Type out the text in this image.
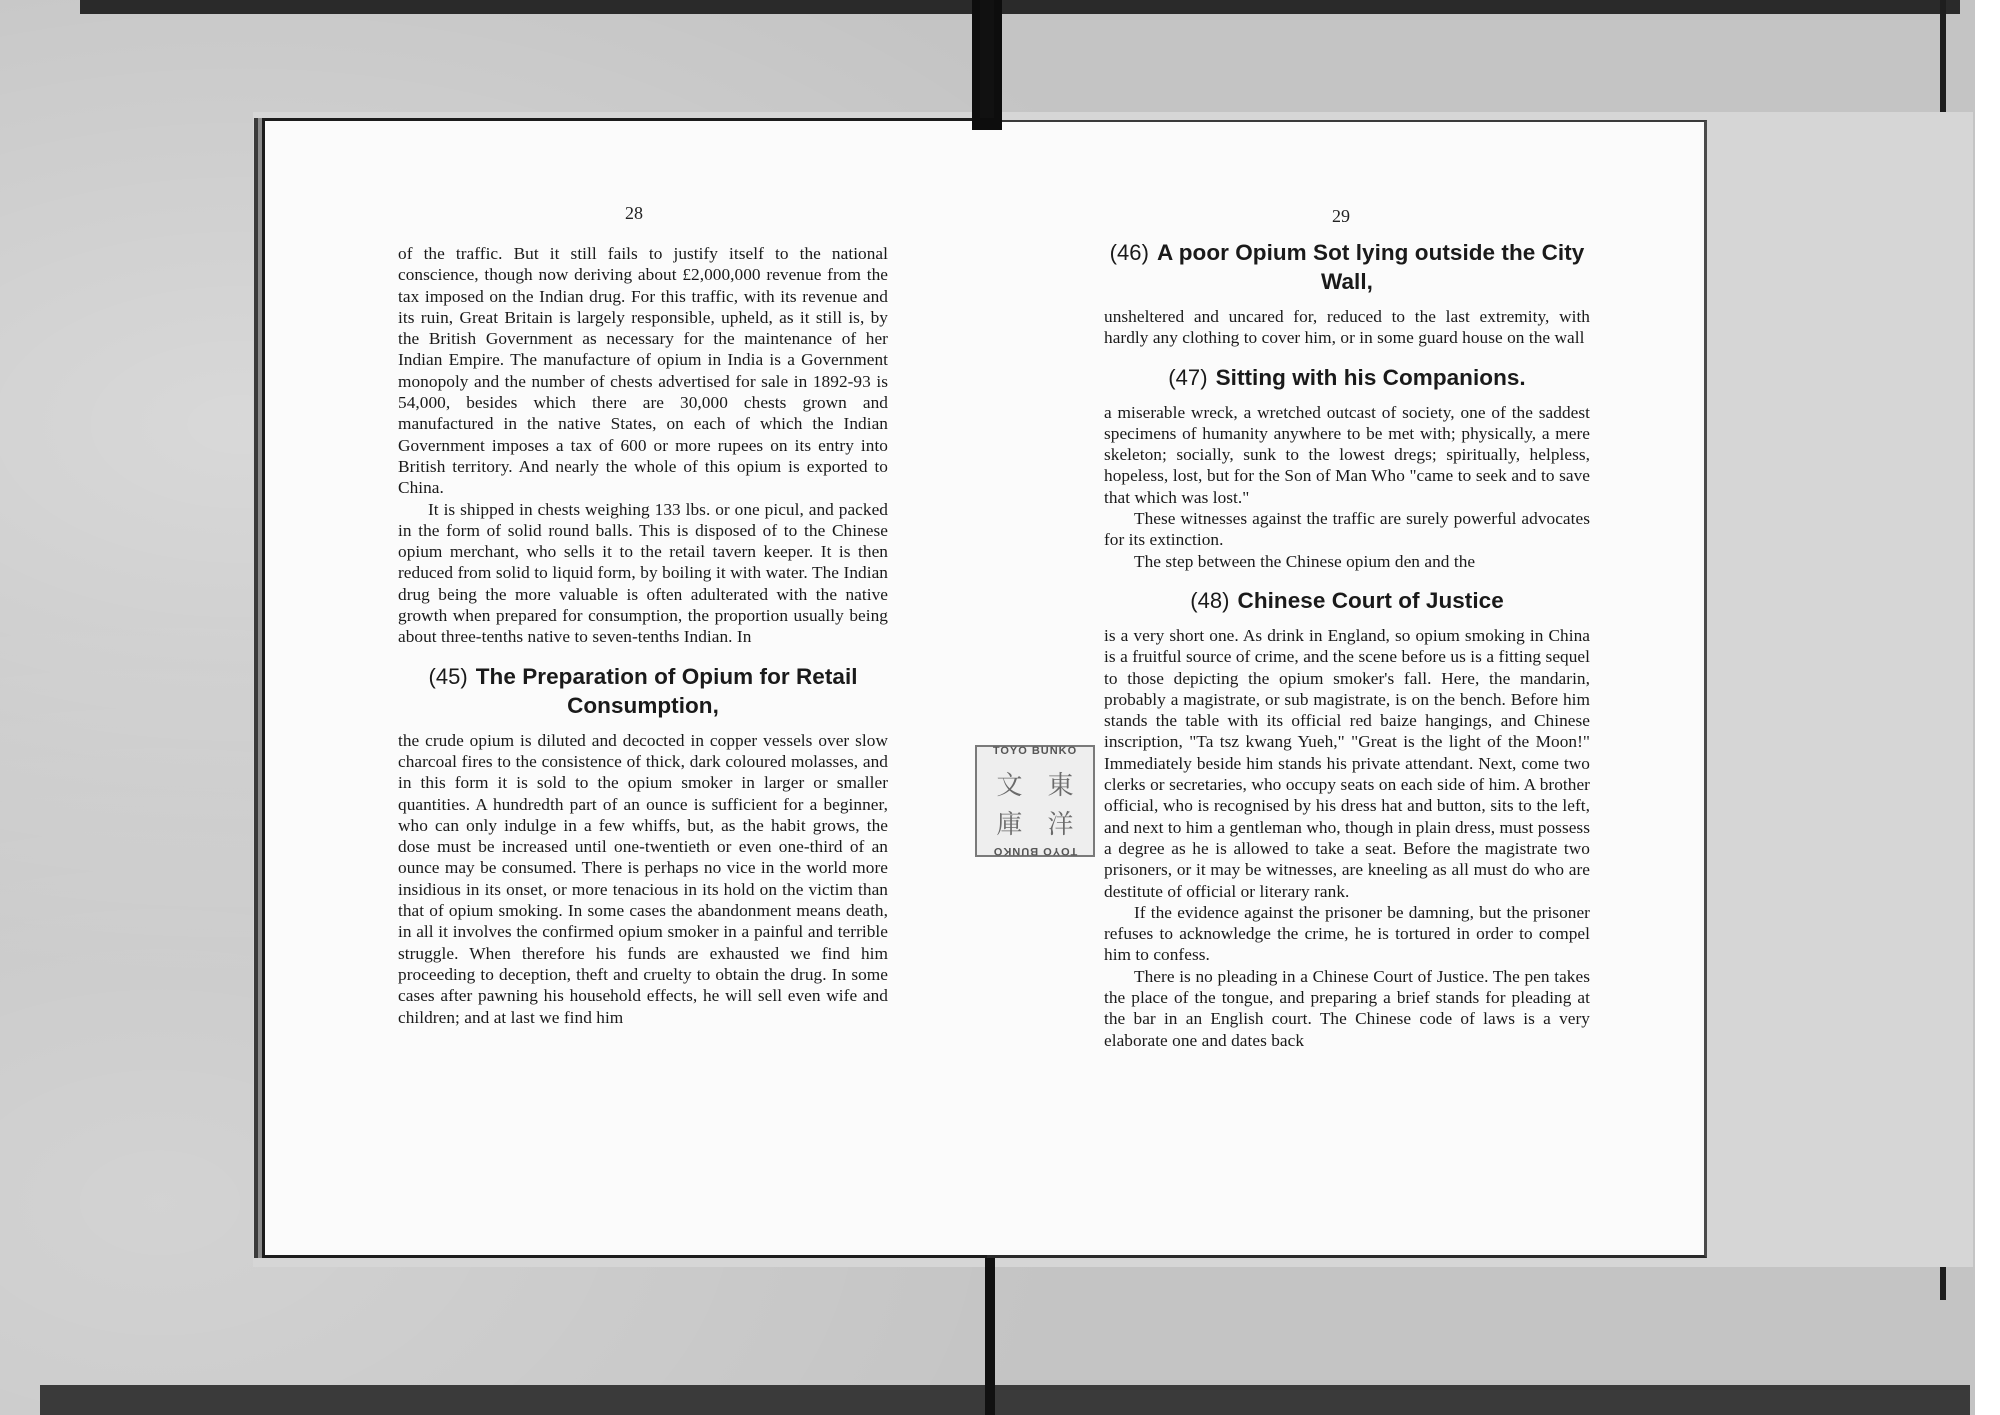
28

of the traffic. But it still fails to justify itself to the national conscience, though now deriving about £2,000,000 revenue from the tax imposed on the Indian drug. For this traffic, with its revenue and its ruin, Great Britain is largely responsible, upheld, as it still is, by the British Government as necessary for the maintenance of her Indian Empire. The manufacture of opium in India is a Government monopoly and the number of chests advertised for sale in 1892-93 is 54,000, besides which there are 30,000 chests grown and manufactured in the native States, on each of which the Indian Government imposes a tax of 600 or more rupees on its entry into British territory. And nearly the whole of this opium is exported to China.

It is shipped in chests weighing 133 lbs. or one picul, and packed in the form of solid round balls. This is disposed of to the Chinese opium merchant, who sells it to the retail tavern keeper. It is then reduced from solid to liquid form, by boiling it with water. The Indian drug being the more valuable is often adulterated with the native growth when prepared for consumption, the proportion usually being about three-tenths native to seven-tenths Indian. In

(45) The Preparation of Opium for Retail Consumption,

the crude opium is diluted and decocted in copper vessels over slow charcoal fires to the consistence of thick, dark coloured molasses, and in this form it is sold to the opium smoker in larger or smaller quantities. A hundredth part of an ounce is sufficient for a beginner, who can only indulge in a few whiffs, but, as the habit grows, the dose must be increased until one-twentieth or even one-third of an ounce may be consumed. There is perhaps no vice in the world more insidious in its onset, or more tenacious in its hold on the victim than that of opium smoking. In some cases the abandonment means death, in all it involves the confirmed opium smoker in a painful and terrible struggle. When therefore his funds are exhausted we find him proceeding to deception, theft and cruelty to obtain the drug. In some cases after pawning his household effects, he will sell even wife and children; and at last we find him

29
(46) A poor Opium Sot lying outside the City Wall,

unsheltered and uncared for, reduced to the last extremity, with hardly any clothing to cover him, or in some guard house on the wall

(47) Sitting with his Companions.

a miserable wreck, a wretched outcast of society, one of the saddest specimens of humanity anywhere to be met with; physically, a mere skeleton; socially, sunk to the lowest dregs; spiritually, helpless, hopeless, lost, but for the Son of Man Who "came to seek and to save that which was lost."

These witnesses against the traffic are surely powerful advocates for its extinction.

The step between the Chinese opium den and the

(48) Chinese Court of Justice

is a very short one. As drink in England, so opium smoking in China is a fruitful source of crime, and the scene before us is a fitting sequel to those depicting the opium smoker's fall. Here, the mandarin, probably a magistrate, or sub magistrate, is on the bench. Before him stands the table with its official red baize hangings, and Chinese inscription, "Ta tsz kwang Yueh," "Great is the light of the Moon!" Immediately beside him stands his private attendant. Next, come two clerks or secretaries, who occupy seats on each side of him. A brother official, who is recognised by his dress hat and button, sits to the left, and next to him a gentleman who, though in plain dress, must possess a degree as he is allowed to take a seat. Before the magistrate two prisoners, or it may be witnesses, are kneeling as all must do who are destitute of official or literary rank.

If the evidence against the prisoner be damning, but the prisoner refuses to acknowledge the crime, he is tortured in order to compel him to confess.

There is no pleading in a Chinese Court of Justice. The pen takes the place of the tongue, and preparing a brief stands for pleading at the bar in an English court. The Chinese code of laws is a very elaborate one and dates back

TOYO BUNKO
文 東
庫 洋
TOYO BUNKO
